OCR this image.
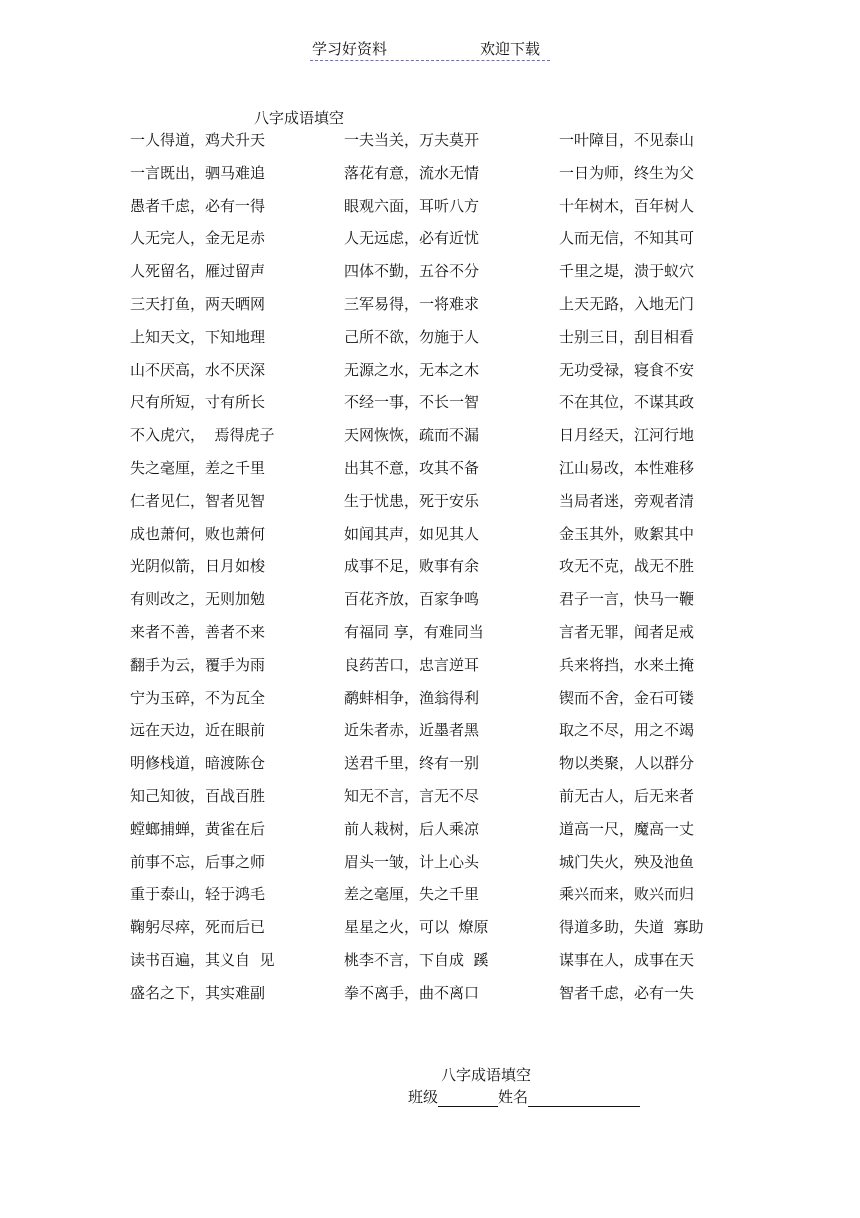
学习好资料	欢迎下载
八字成语填空
一人得道，鸡犬升天	一夫当关，万夫莫开	一叶障目，不见泰山
一言既出，驷马难追	落花有意，流水无情	一日为师，终生为父
愚者千虑，必有一得	眼观六面，耳听八方	十年树木，百年树人
人无完人，金无足赤	人无远虑，必有近忧	人而无信，不知其可
人死留名，雁过留声	四体不勤，五谷不分	千里之堤，溃于蚁穴
三天打鱼，两天晒网	三军易得，一将难求	上天无路，入地无门
上知天文，下知地理	己所不欲，勿施于人	士别三日，刮目相看
山不厌高，水不厌深	无源之水，无本之木	无功受禄，寝食不安
尺有所短，寸有所长	不经一事，不长一智	不在其位，不谋其政
不入虎穴，  焉得虎子	天网恢恢，疏而不漏	日月经天，江河行地
失之毫厘，差之千里	出其不意，攻其不备	江山易改，本性难移
仁者见仁，智者见智	生于忧患，死于安乐	当局者迷，旁观者清
成也萧何，败也萧何	如闻其声，如见其人	金玉其外，败絮其中
光阴似箭，日月如梭	成事不足，败事有余	攻无不克，战无不胜
有则改之，无则加勉	百花齐放，百家争鸣	君子一言，快马一鞭
来者不善，善者不来	有福同 享，有难同当	言者无罪，闻者足戒
翻手为云，覆手为雨	良药苦口，忠言逆耳	兵来将挡，水来土掩
宁为玉碎，不为瓦全	鹬蚌相争，渔翁得利	锲而不舍，金石可镂
远在天边，近在眼前	近朱者赤，近墨者黑	取之不尽，用之不竭
明修栈道，暗渡陈仓	送君千里，终有一别	物以类聚，人以群分
知己知彼，百战百胜	知无不言，言无不尽	前无古人，后无来者
螳螂捕蝉，黄雀在后	前人栽树，后人乘凉	道高一尺，魔高一丈
前事不忘，后事之师	眉头一皱，计上心头	城门失火，殃及池鱼
重于泰山，轻于鸿毛	差之毫厘，失之千里	乘兴而来，败兴而归
鞠躬尽瘁，死而后已	星星之火，可以  燎原	得道多助，失道  寡助
读书百遍，其义自  见	桃李不言，下自成  蹊	谋事在人，成事在天
盛名之下，其实难副	拳不离手，曲不离口	智者千虑，必有一失
八字成语填空
班级	姓名
